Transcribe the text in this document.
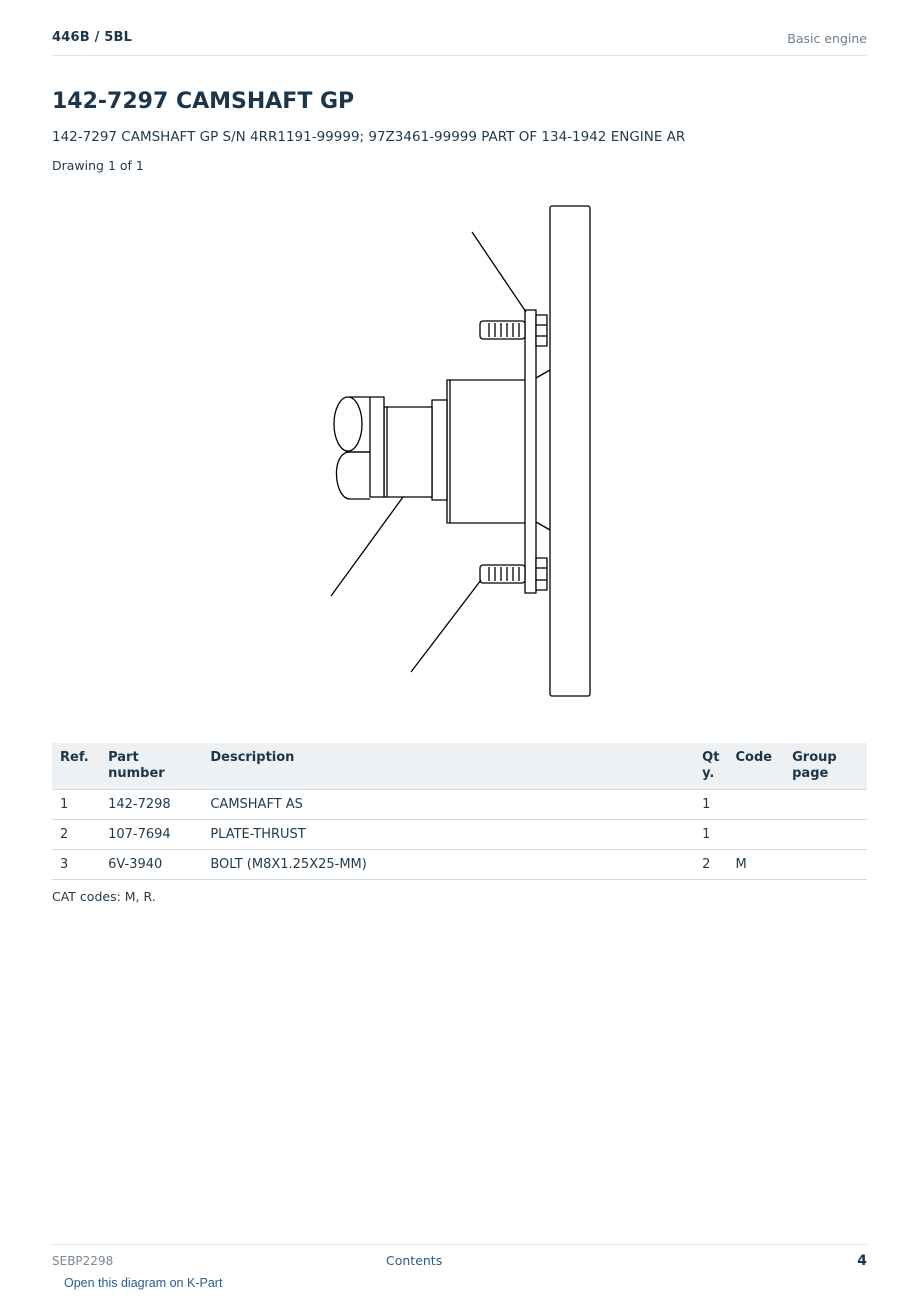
446B / 5BL	Basic engine
142-7297 CAMSHAFT GP
142-7297 CAMSHAFT GP S/N 4RR1191-99999; 97Z3461-99999 PART OF 134-1942 ENGINE AR
Drawing 1 of 1
Ref.	Part number	Description	Qty.	Code	Group page
1	142-7298	CAMSHAFT AS	1		
2	107-7694	PLATE-THRUST	1		
3	6V-3940	BOLT (M8X1.25X25-MM)	2	M	
CAT codes: M, R.
SEBP2298	Contents	4
Open this diagram on K-Part
